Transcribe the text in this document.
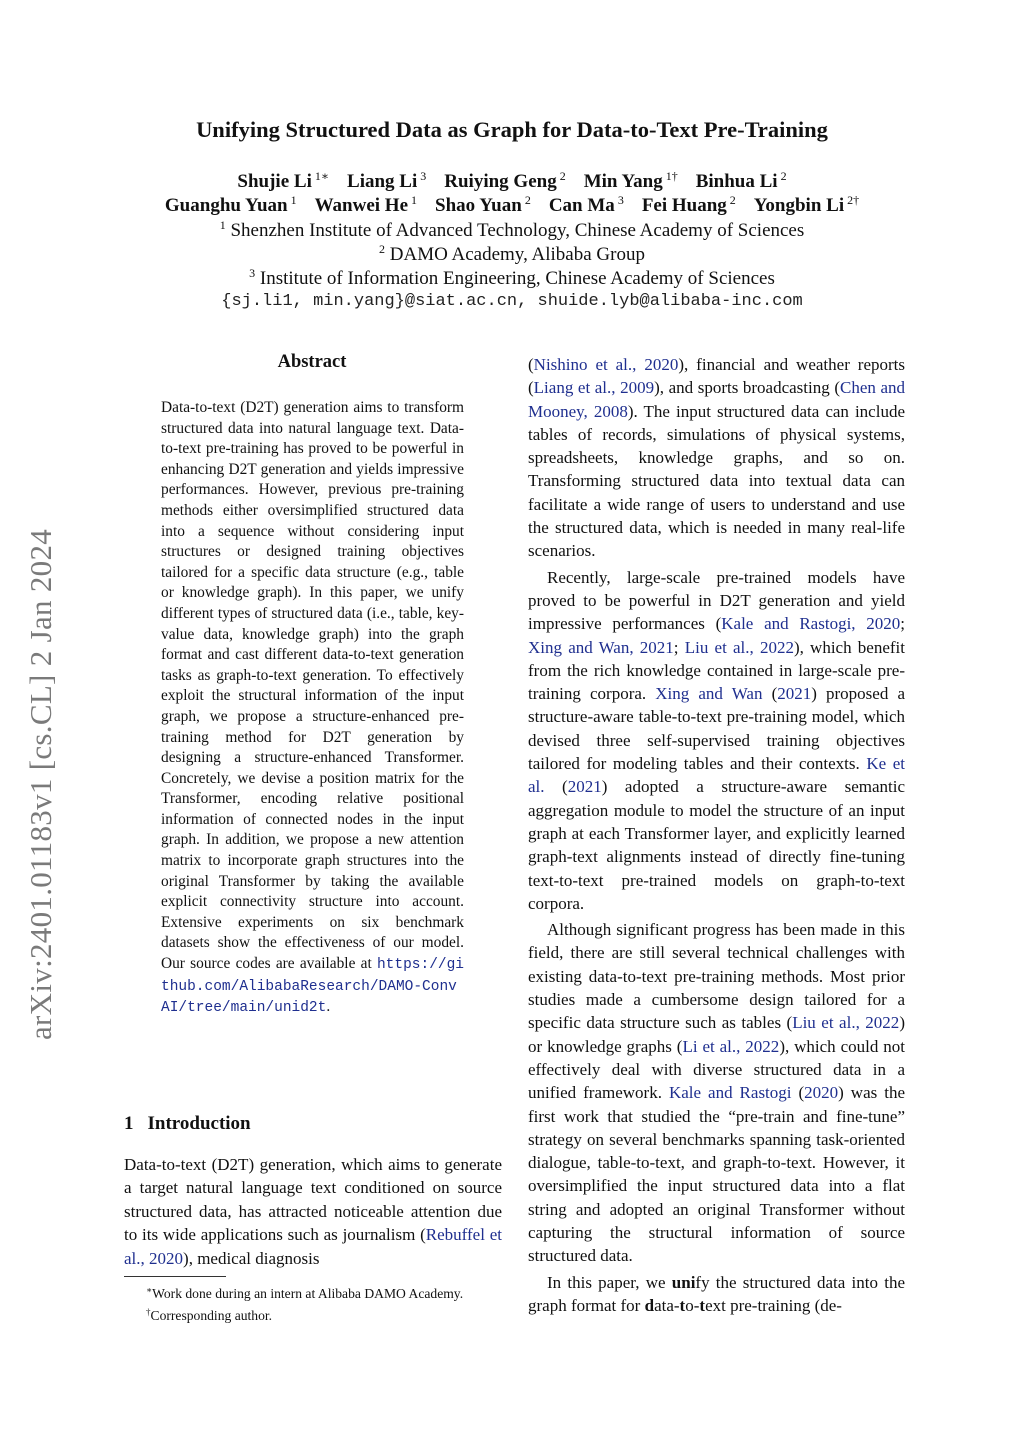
Unifying Structured Data as Graph for Data-to-Text Pre-Training
Shujie Li $^{1∗}$ Liang Li $^3$ Ruiying Geng $^2$ Min Yang $^{1\dagger}$ Binhua Li $^2$
Guanghu Yuan $^1$ Wanwei He $^1$ Shao Yuan $^2$ Can Ma $^3$ Fei Huang $^2$ Yongbin Li $^{2\dagger}$
$^1$ Shenzhen Institute of Advanced Technology, Chinese Academy of Sciences
$^2$ DAMO Academy, Alibaba Group
$^3$ Institute of Information Engineering, Chinese Academy of Sciences
{sj.li1, min.yang}@siat.ac.cn, shuide.lyb@alibaba-inc.com
arXiv:2401.01183v1 [cs.CL] 2 Jan 2024
Abstract
Data-to-text (D2T) generation aims to transform structured data into natural language text. Data-to-text pre-training has proved to be powerful in enhancing D2T generation and yields impressive performances. However, previous pre-training methods either oversimplified structured data into a sequence without considering input structures or designed training objectives tailored for a specific data structure (e.g., table or knowledge graph). In this paper, we unify different types of structured data (i.e., table, key-value data, knowledge graph) into the graph format and cast different data-to-text generation tasks as graph-to-text generation. To effectively exploit the structural information of the input graph, we propose a structure-enhanced pre-training method for D2T generation by designing a structure-enhanced Transformer. Concretely, we devise a position matrix for the Transformer, encoding relative positional information of connected nodes in the input graph. In addition, we propose a new attention matrix to incorporate graph structures into the original Transformer by taking the available explicit connectivity structure into account. Extensive experiments on six benchmark datasets show the effectiveness of our model. Our source codes are available at https://github.com/AlibabaResearch/DAMO-ConvAI/tree/main/unid2t.
1 Introduction
Data-to-text (D2T) generation, which aims to generate a target natural language text conditioned on source structured data, has attracted noticeable attention due to its wide applications such as journalism (Rebuffel et al., 2020), medical diagnosis
∗Work done during an intern at Alibaba DAMO Academy.
†Corresponding author.

(Nishino et al., 2020), financial and weather reports (Liang et al., 2009), and sports broadcasting (Chen and Mooney, 2008). The input structured data can include tables of records, simulations of physical systems, spreadsheets, knowledge graphs, and so on. Transforming structured data into textual data can facilitate a wide range of users to understand and use the structured data, which is needed in many real-life scenarios.

Recently, large-scale pre-trained models have proved to be powerful in D2T generation and yield impressive performances (Kale and Rastogi, 2020; Xing and Wan, 2021; Liu et al., 2022), which benefit from the rich knowledge contained in large-scale pre-training corpora. Xing and Wan (2021) proposed a structure-aware table-to-text pre-training model, which devised three self-supervised training objectives tailored for modeling tables and their contexts. Ke et al. (2021) adopted a structure-aware semantic aggregation module to model the structure of an input graph at each Transformer layer, and explicitly learned graph-text alignments instead of directly fine-tuning text-to-text pre-trained models on graph-to-text corpora.

Although significant progress has been made in this field, there are still several technical challenges with existing data-to-text pre-training methods. Most prior studies made a cumbersome design tailored for a specific data structure such as tables (Liu et al., 2022) or knowledge graphs (Li et al., 2022), which could not effectively deal with diverse structured data in a unified framework. Kale and Rastogi (2020) was the first work that studied the “pre-train and fine-tune” strategy on several benchmarks spanning task-oriented dialogue, table-to-text, and graph-to-text. However, it oversimplified the input structured data into a flat string and adopted an original Transformer without capturing the structural information of source structured data.

In this paper, we unify the structured data into the graph format for data-to-text pre-training (de-
